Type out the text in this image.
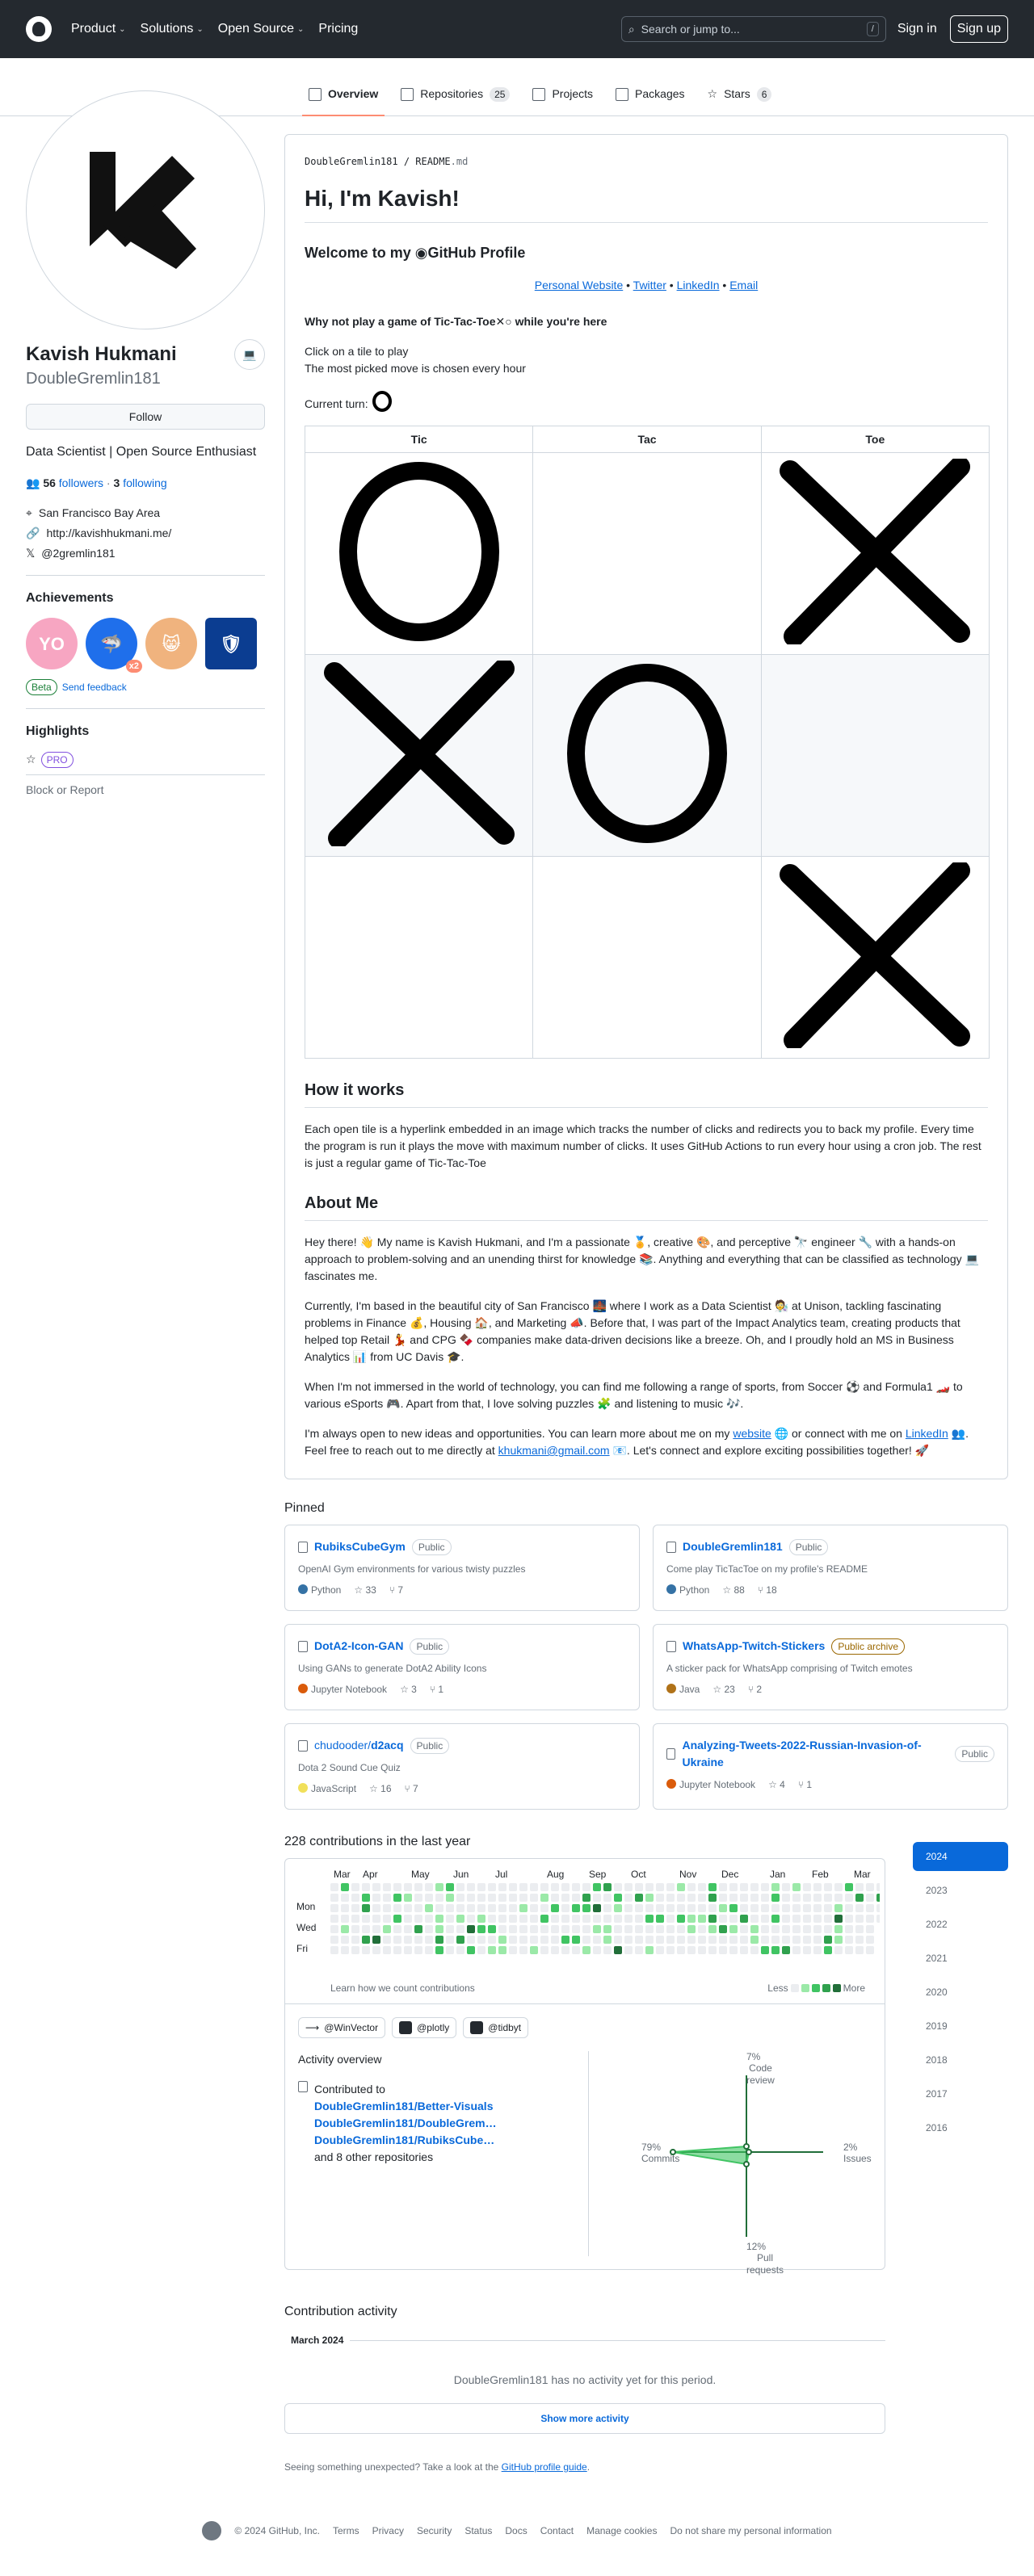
Product ⌄ Solutions ⌄ Open Source ⌄ Pricing	⌕ Search or jump to...	/	Sign in	Sign up
Overview	Repositories	25	Projects	Packages ☆ Stars	6
💻
Kavish Hukmani
DoubleGremlin181
Follow
Data Scientist | Open Source Enthusiast
👥 56 followers · 3 following
⌖ San Francisco Bay Area
🔗 http://kavishhukmani.me/
𝕏 @2gremlin181
Achievements
YO	🦈
x2
😸	🛡
Beta	Send feedback
Highlights
☆	PRO
Block or Report
DoubleGremlin181 / README.md
Hi, I'm Kavish!
Welcome to my ◉GitHub Profile

Personal Website • Twitter • LinkedIn • Email

Why not play a game of Tic-Tac-Toe✕○ while you're here

Click on a tile to play
The most picked move is chosen every hour

Current turn:

Tic	Tac	Toe

How it works

Each open tile is a hyperlink embedded in an image which tracks the number of clicks and redirects you to back my profile. Every time the program is run it plays the move with maximum number of clicks. It uses GitHub Actions to run every hour using a cron job. The rest is just a regular game of Tic-Tac-Toe

About Me

Hey there! 👋 My name is Kavish Hukmani, and I'm a passionate 🏅, creative 🎨, and perceptive 🔭 engineer 🔧 with a hands-on approach to problem-solving and an unending thirst for knowledge 📚. Anything and everything that can be classified as technology 💻 fascinates me.

Currently, I'm based in the beautiful city of San Francisco 🌉 where I work as a Data Scientist 🧑‍🔬 at Unison, tackling fascinating problems in Finance 💰, Housing 🏠, and Marketing 📣. Before that, I was part of the Impact Analytics team, creating products that helped top Retail 💃 and CPG 🍫 companies make data-driven decisions like a breeze. Oh, and I proudly hold an MS in Business Analytics 📊 from UC Davis 🎓.

When I'm not immersed in the world of technology, you can find me following a range of sports, from Soccer ⚽ and Formula1 🏎️ to various eSports 🎮. Apart from that, I love solving puzzles 🧩 and listening to music 🎶.

I'm always open to new ideas and opportunities. You can learn more about me on my website 🌐 or connect with me on LinkedIn 👥. Feel free to reach out to me directly at khukmani@gmail.com 📧. Let's connect and explore exciting possibilities together! 🚀

Pinned
RubiksCubeGym	Public
OpenAI Gym environments for various twisty puzzles
Python ☆ 33 ⑂ 7
DoubleGremlin181	Public
Come play TicTacToe on my profile's README
Python ☆ 88 ⑂ 18
DotA2-Icon-GAN	Public
Using GANs to generate DotA2 Ability Icons
Jupyter Notebook ☆ 3 ⑂ 1
WhatsApp-Twitch-Stickers	Public archive
A sticker pack for WhatsApp comprising of Twitch emotes
Java ☆ 23 ⑂ 2
chudooder/d2acq	Public
Dota 2 Sound Cue Quiz
JavaScript ☆ 16 ⑂ 7
Analyzing-Tweets-2022-Russian-Invasion-of-Ukraine
Public
Jupyter Notebook ☆ 4 ⑂ 1
228 contributions in the last year
Mar Apr	May Jun	Jul	Aug	Sep	Oct	Nov	Dec	Jan	Feb	Mar
Mon
Wed
Fri
Learn how we count contributions	Less	More
⟶ @WinVector	@plotly	@tidbyt
Activity overview
Contributed to
DoubleGremlin181/Better-Visuals
DoubleGremlin181/DoubleGrem…
DoubleGremlin181/RubiksCube…
and 8 other repositories
7%

Code review
79%

Commits
2%

Issues
12%

Pull requests
Contribution activity
March 2024
DoubleGremlin181 has no activity yet for this period.
Show more activity
Seeing something unexpected? Take a look at the GitHub profile guide.
2024
2023
2022
2021
2020
2019
2018
2017
2016
© 2024 GitHub, Inc. Terms Privacy Security Status Docs Contact Manage cookies Do not share my personal information
